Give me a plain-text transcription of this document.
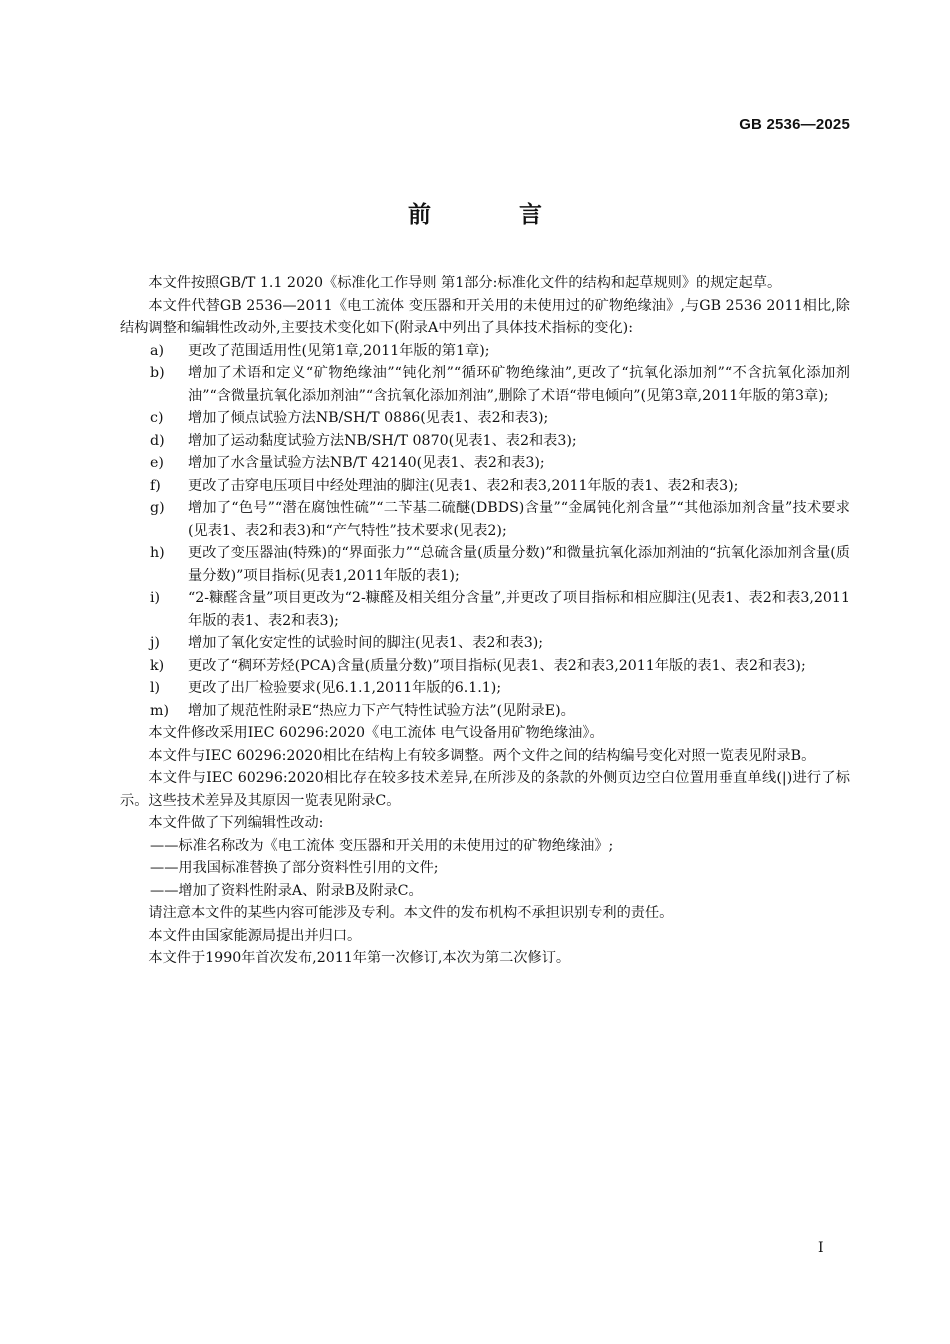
GB 2536—2025
前 言

本文件按照GB/T 1.1 2020《标准化工作导则 第1部分:标准化文件的结构和起草规则》的规定起草。

本文件代替GB 2536—2011《电工流体 变压器和开关用的未使用过的矿物绝缘油》,与GB 2536 2011相比,除结构调整和编辑性改动外,主要技术变化如下(附录A中列出了具体技术指标的变化):

a)	更改了范围适用性(见第1章,2011年版的第1章);
b)	增加了术语和定义“矿物绝缘油”“钝化剂”“循环矿物绝缘油”,更改了“抗氧化添加剂”“不含抗氧化添加剂油”“含微量抗氧化添加剂油”“含抗氧化添加剂油”,删除了术语“带电倾向”(见第3章,2011年版的第3章);
c)	增加了倾点试验方法NB/SH/T 0886(见表1、表2和表3);
d)	增加了运动黏度试验方法NB/SH/T 0870(见表1、表2和表3);
e)	增加了水含量试验方法NB/T 42140(见表1、表2和表3);
f)	更改了击穿电压项目中经处理油的脚注(见表1、表2和表3,2011年版的表1、表2和表3);
g)	增加了“色号”“潜在腐蚀性硫”“二苄基二硫醚(DBDS)含量”“金属钝化剂含量”“其他添加剂含量”技术要求(见表1、表2和表3)和“产气特性”技术要求(见表2);
h)	更改了变压器油(特殊)的“界面张力”“总硫含量(质量分数)”和微量抗氧化添加剂油的“抗氧化添加剂含量(质量分数)”项目指标(见表1,2011年版的表1);
i)	“2-糠醛含量”项目更改为“2-糠醛及相关组分含量”,并更改了项目指标和相应脚注(见表1、表2和表3,2011年版的表1、表2和表3);
j)	增加了氧化安定性的试验时间的脚注(见表1、表2和表3);
k)	更改了“稠环芳烃(PCA)含量(质量分数)”项目指标(见表1、表2和表3,2011年版的表1、表2和表3);
l)	更改了出厂检验要求(见6.1.1,2011年版的6.1.1);
m)	增加了规范性附录E“热应力下产气特性试验方法”(见附录E)。

本文件修改采用IEC 60296:2020《电工流体 电气设备用矿物绝缘油》。

本文件与IEC 60296:2020相比在结构上有较多调整。两个文件之间的结构编号变化对照一览表见附录B。

本文件与IEC 60296:2020相比存在较多技术差异,在所涉及的条款的外侧页边空白位置用垂直单线(|)进行了标示。这些技术差异及其原因一览表见附录C。

本文件做了下列编辑性改动:

——标准名称改为《电工流体 变压器和开关用的未使用过的矿物绝缘油》;

——用我国标准替换了部分资料性引用的文件;

——增加了资料性附录A、附录B及附录C。

请注意本文件的某些内容可能涉及专利。本文件的发布机构不承担识别专利的责任。

本文件由国家能源局提出并归口。

本文件于1990年首次发布,2011年第一次修订,本次为第二次修订。

I
